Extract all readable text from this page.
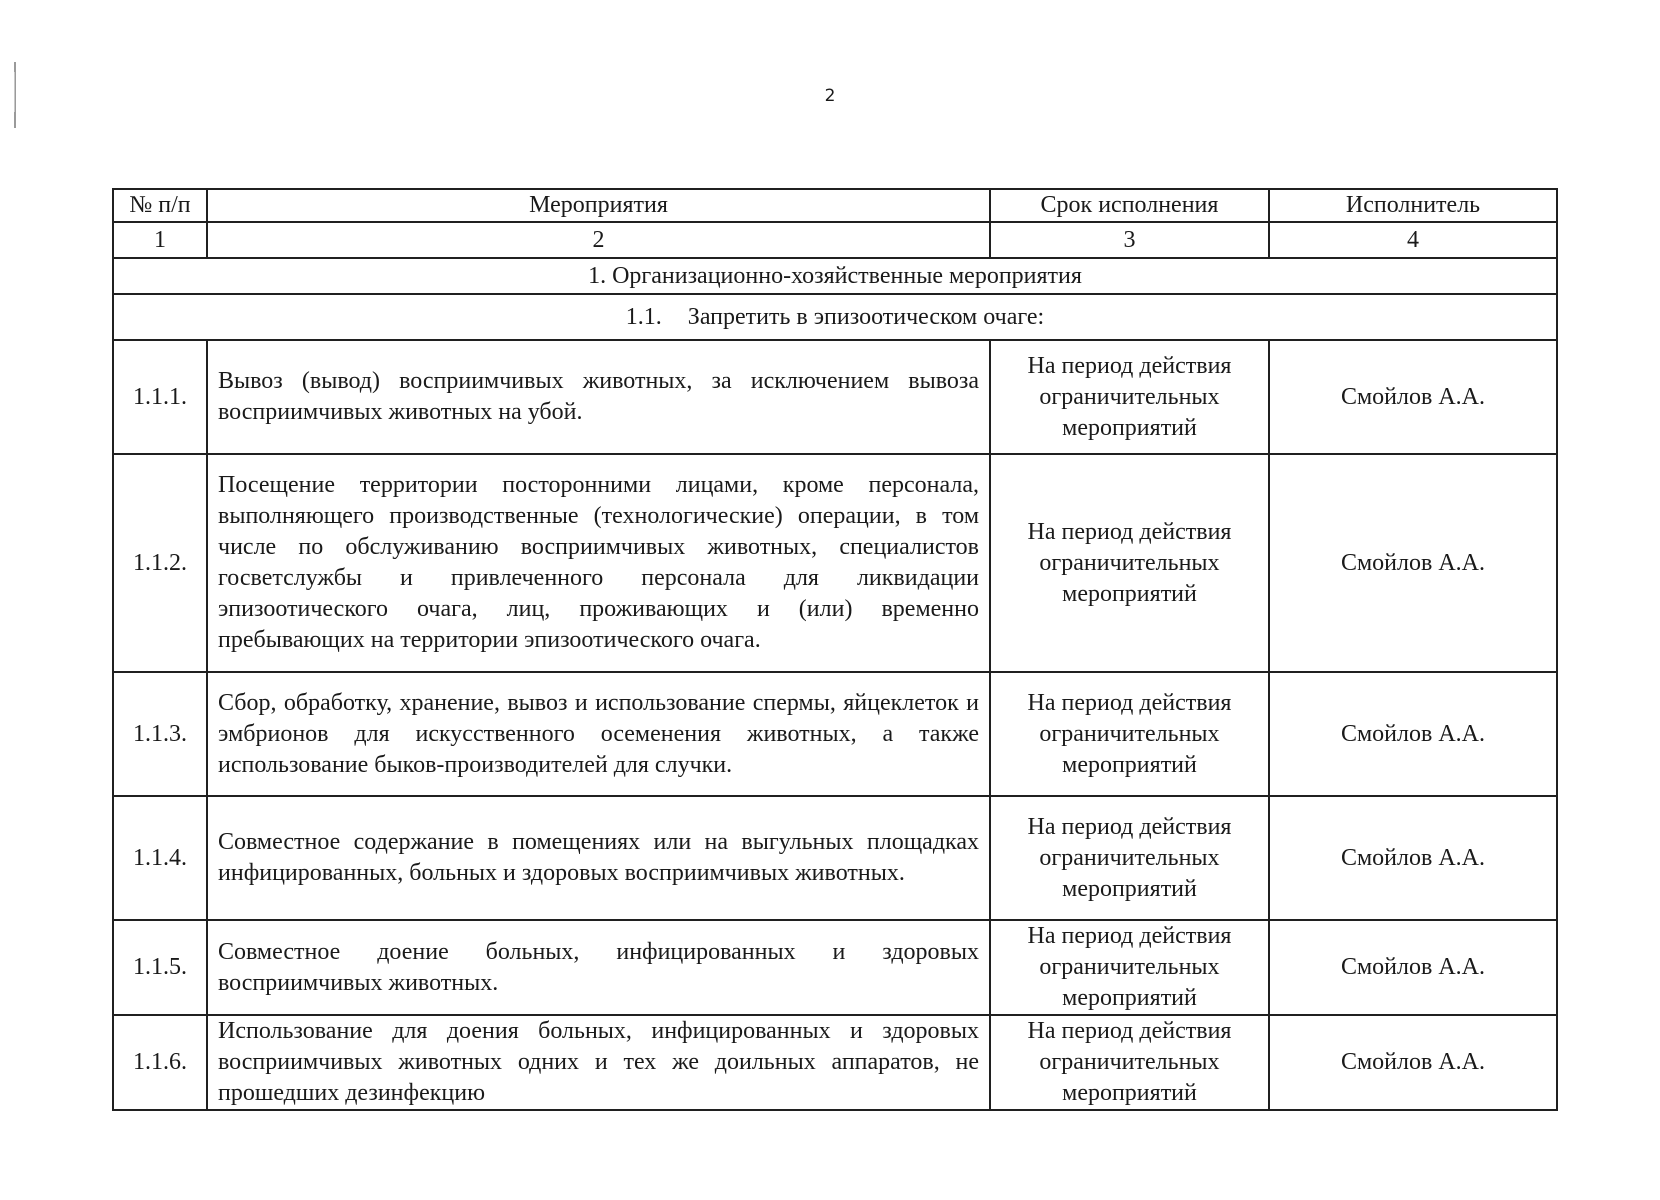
2
№ п/п	Мероприятия	Срок исполнения	Исполнитель
1	2	3	4
1. Организационно-хозяйственные мероприятия			
1.1. Запретить в эпизоотическом очаге:			
1.1.1.	Вывоз (вывод) восприимчивых животных, за исключением вывоза восприимчивых животных на убой.	На период действия ограничительных мероприятий	Смойлов А.А.
1.1.2.	Посещение территории посторонними лицами, кроме персонала, выполняющего производственные (технологические) операции, в том числе по обслуживанию восприимчивых животных, специалистов госветслужбы и привлеченного персонала для ликвидации эпизоотического очага, лиц, проживающих и (или) временно пребывающих на территории эпизоотического очага.	На период действия ограничительных мероприятий	Смойлов А.А.
1.1.3.	Сбор, обработку, хранение, вывоз и использование спермы, яйцеклеток и эмбрионов для искусственного осеменения животных, а также использование быков-производителей для случки.	На период действия ограничительных мероприятий	Смойлов А.А.
1.1.4.	Совместное содержание в помещениях или на выгульных площадках инфицированных, больных и здоровых восприимчивых животных.	На период действия ограничительных мероприятий	Смойлов А.А.
1.1.5.	Совместное доение больных, инфицированных и здоровых восприимчивых животных.	На период действия ограничительных мероприятий	Смойлов А.А.
1.1.6.	Использование для доения больных, инфицированных и здоровых восприимчивых животных одних и тех же доильных аппаратов, не прошедших дезинфекцию	На период действия ограничительных мероприятий	Смойлов А.А.
